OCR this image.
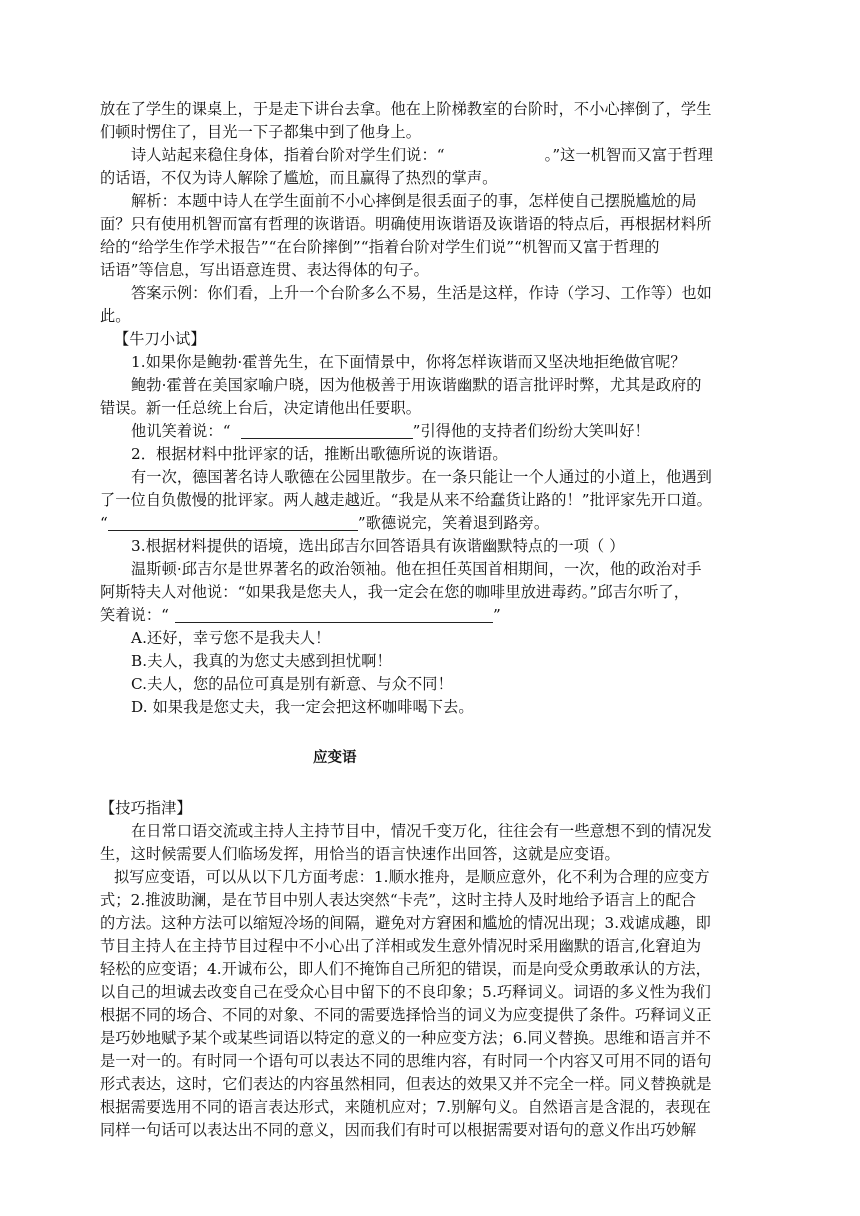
放在了学生的课桌上，于是走下讲台去拿。他在上阶梯教室的台阶时，不小心摔倒了，学生
们顿时愣住了，目光一下子都集中到了他身上。
诗人站起来稳住身体，指着台阶对学生们说：“	。”这一机智而又富于哲理
的话语，不仅为诗人解除了尴尬，而且赢得了热烈的掌声。
解析：本题中诗人在学生面前不小心摔倒是很丢面子的事，怎样使自己摆脱尴尬的局
面？只有使用机智而富有哲理的诙谐语。明确使用诙谐语及诙谐语的特点后，再根据材料所
给的“给学生作学术报告”“在台阶摔倒”“指着台阶对学生们说”“机智而又富于哲理的
话语”等信息，写出语意连贯、表达得体的句子。
答案示例：你们看，上升一个台阶多么不易，生活是这样，作诗（学习、工作等）也如
此。
【牛刀小试】
1.如果你是鲍勃·霍普先生，在下面情景中，你将怎样诙谐而又坚决地拒绝做官呢？
鲍勃·霍普在美国家喻户晓，因为他极善于用诙谐幽默的语言批评时弊，尤其是政府的
错误。新一任总统上台后，决定请他出任要职。
他讥笑着说：“	”引得他的支持者们纷纷大笑叫好！
2．根据材料中批评家的话，推断出歌德所说的诙谐语。
有一次，德国著名诗人歌德在公园里散步。在一条只能让一个人通过的小道上，他遇到
了一位自负傲慢的批评家。两人越走越近。“我是从来不给蠢货让路的！”批评家先开口道。
“	”歌德说完，笑着退到路旁。
3.根据材料提供的语境，选出邱吉尔回答语具有诙谐幽默特点的一项（ ）
温斯顿·邱吉尔是世界著名的政治领袖。他在担任英国首相期间，一次，他的政治对手
阿斯特夫人对他说：“如果我是您夫人，我一定会在您的咖啡里放进毒药。”邱吉尔听了，
笑着说：“	”
A.还好，幸亏您不是我夫人！
B.夫人，我真的为您丈夫感到担忧啊！
C.夫人，您的品位可真是别有新意、与众不同！
D. 如果我是您丈夫，我一定会把这杯咖啡喝下去。
应变语
【技巧指津】
在日常口语交流或主持人主持节目中，情况千变万化，往往会有一些意想不到的情况发
生，这时候需要人们临场发挥，用恰当的语言快速作出回答，这就是应变语。
拟写应变语，可以从以下几方面考虑：1.顺水推舟，是顺应意外，化不利为合理的应变方
式；2.推波助澜，是在节目中别人表达突然“卡壳”，这时主持人及时地给予语言上的配合
的方法。这种方法可以缩短冷场的间隔，避免对方窘困和尴尬的情况出现；3.戏谑成趣，即
节目主持人在主持节目过程中不小心出了洋相或发生意外情况时采用幽默的语言,化窘迫为
轻松的应变语；4.开诚布公，即人们不掩饰自己所犯的错误，而是向受众勇敢承认的方法，
以自己的坦诚去改变自己在受众心目中留下的不良印象；5.巧释词义。词语的多义性为我们
根据不同的场合、不同的对象、不同的需要选择恰当的词义为应变提供了条件。巧释词义正
是巧妙地赋予某个或某些词语以特定的意义的一种应变方法；6.同义替换。思维和语言并不
是一对一的。有时同一个语句可以表达不同的思维内容，有时同一个内容又可用不同的语句
形式表达，这时，它们表达的内容虽然相同，但表达的效果又并不完全一样。同义替换就是
根据需要选用不同的语言表达形式，来随机应对；7.别解句义。自然语言是含混的，表现在
同样一句话可以表达出不同的意义，因而我们有时可以根据需要对语句的意义作出巧妙解
